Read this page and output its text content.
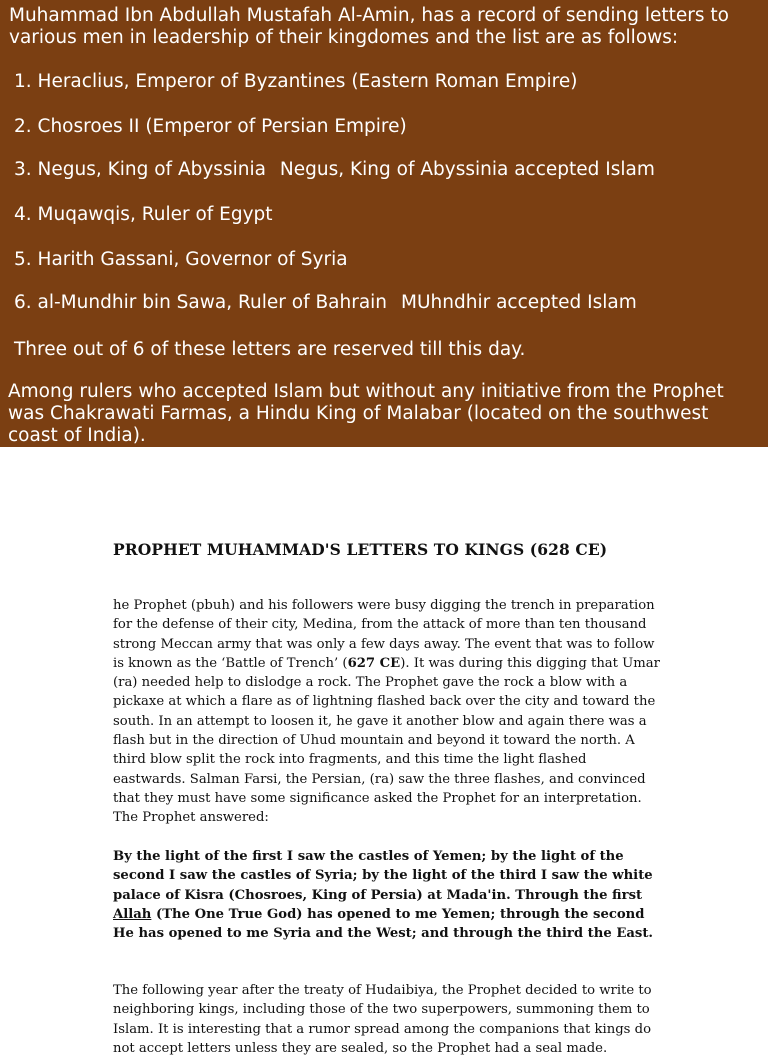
Muhammad Ibn Abdullah Mustafah Al-Amin, has a record of sending letters to
various men in leadership of their kingdomes and the list are as follows:
1. Heraclius, Emperor of Byzantines (Eastern Roman Empire)
2. Chosroes II (Emperor of Persian Empire)
3. Negus, King of Abyssinia Negus, King of Abyssinia accepted Islam
4. Muqawqis, Ruler of Egypt
5. Harith Gassani, Governor of Syria
6. al-Mundhir bin Sawa, Ruler of Bahrain MUhndhir accepted Islam
Three out of 6 of these letters are reserved till this day.
Among rulers who accepted Islam but without any initiative from the Prophet
was Chakrawati Farmas, a Hindu King of Malabar (located on the southwest
coast of India).
PROPHET MUHAMMAD'S LETTERS TO KINGS (628 CE)

he Prophet (pbuh) and his followers were busy digging the trench in preparation for the defense of their city, Medina, from the attack of more than ten thousand strong Meccan army that was only a few days away. The event that was to follow is known as the ‘Battle of Trench’ (627 CE). It was during this digging that Umar (ra) needed help to dislodge a rock. The Prophet gave the rock a blow with a pickaxe at which a flare as of lightning flashed back over the city and toward the south. In an attempt to loosen it, he gave it another blow and again there was a flash but in the direction of Uhud mountain and beyond it toward the north. A third blow split the rock into fragments, and this time the light flashed eastwards. Salman Farsi, the Persian, (ra) saw the three flashes, and convinced that they must have some significance asked the Prophet for an interpretation. The Prophet answered:

By the light of the first I saw the castles of Yemen; by the light of the second I saw the castles of Syria; by the light of the third I saw the white palace of Kisra (Chosroes, King of Persia) at Mada'in. Through the first Allah (The One True God) has opened to me Yemen; through the second He has opened to me Syria and the West; and through the third the East.

The following year after the treaty of Hudaibiya, the Prophet decided to write to neighboring kings, including those of the two superpowers, summoning them to Islam. It is interesting that a rumor spread among the companions that kings do not accept letters unless they are sealed, so the Prophet had a seal made.
